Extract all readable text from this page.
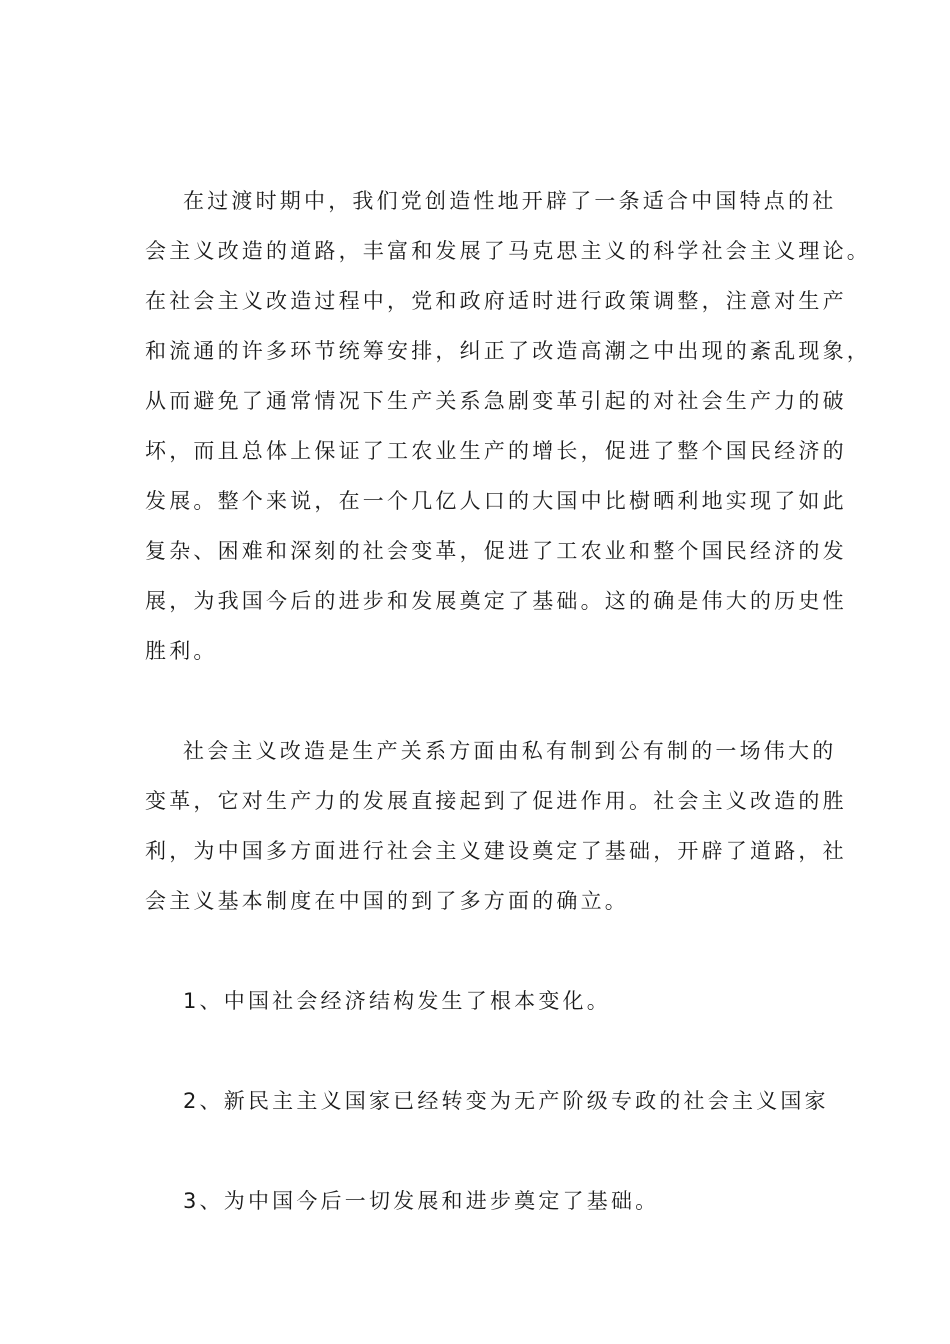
在过渡时期中，我们党创造性地开辟了一条适合中国特点的社
会主义改造的道路，丰富和发展了马克思主义的科学社会主义理论。
在社会主义改造过程中，党和政府适时进行政策调整，注意对生产
和流通的许多环节统筹安排，纠正了改造高潮之中出现的紊乱现象，
从而避免了通常情况下生产关系急剧变革引起的对社会生产力的破
坏，而且总体上保证了工农业生产的增长，促进了整个国民经济的
发展。整个来说，在一个几亿人口的大国中比樹晒利地实现了如此
复杂、困难和深刻的社会变革，促进了工农业和整个国民经济的发
展，为我国今后的进步和发展奠定了基础。这的确是伟大的历史性
胜利。
社会主义改造是生产关系方面由私有制到公有制的一场伟大的
变革，它对生产力的发展直接起到了促进作用。社会主义改造的胜
利，为中国多方面进行社会主义建设奠定了基础，开辟了道路，社
会主义基本制度在中国的到了多方面的确立。
1、中国社会经济结构发生了根本变化。
2、新民主主义国家已经转变为无产阶级专政的社会主义国家
3、为中国今后一切发展和进步奠定了基础。
